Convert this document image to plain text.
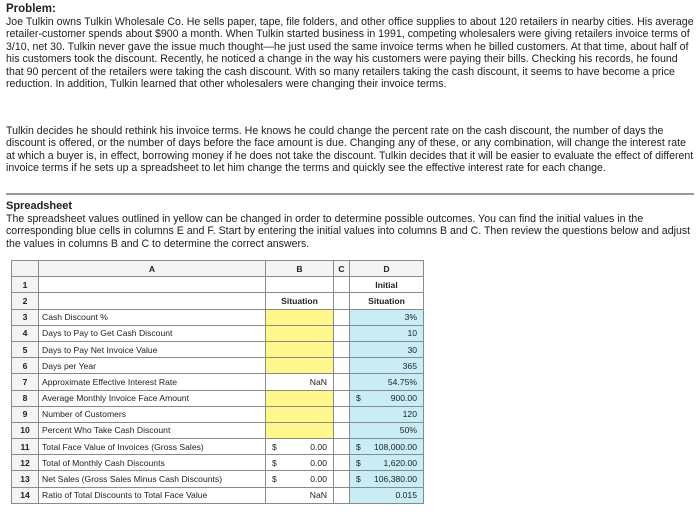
Problem:
Joe Tulkin owns Tulkin Wholesale Co. He sells paper, tape, file folders, and other office supplies to about 120 retailers in nearby cities. His average retailer-customer spends about $900 a month. When Tulkin started business in 1991, competing wholesalers were giving retailers invoice terms of 3/10, net 30. Tulkin never gave the issue much thought—he just used the same invoice terms when he billed customers. At that time, about half of his customers took the discount. Recently, he noticed a change in the way his customers were paying their bills. Checking his records, he found that 90 percent of the retailers were taking the cash discount. With so many retailers taking the cash discount, it seems to have become a price reduction. In addition, Tulkin learned that other wholesalers were changing their invoice terms.
Tulkin decides he should rethink his invoice terms. He knows he could change the percent rate on the cash discount, the number of days the discount is offered, or the number of days before the face amount is due. Changing any of these, or any combination, will change the interest rate at which a buyer is, in effect, borrowing money if he does not take the discount. Tulkin decides that it will be easier to evaluate the effect of different invoice terms if he sets up a spreadsheet to let him change the terms and quickly see the effective interest rate for each change.
Spreadsheet
The spreadsheet values outlined in yellow can be changed in order to determine possible outcomes. You can find the initial values in the corresponding blue cells in columns E and F. Start by entering the initial values into columns B and C. Then review the questions below and adjust the values in columns B and C to determine the correct answers.
	A	B	C	D
1				Initial
2		Situation		Situation
3	Cash Discount %			3%

4	Days to Pay to Get Cash Discount			10

5	Days to Pay Net Invoice Value			30

6	Days per Year			365

7	Approximate Effective Interest Rate	NaN		54.75%

8	Average Monthly Invoice Face Amount			$ 900.00

9	Number of Customers			120

10	Percent Who Take Cash Discount			50%

11	Total Face Value of Invoices (Gross Sales)	$ 0.00		$ 108,000.00

12	Total of Monthly Cash Discounts	$ 0.00		$ 1,620.00

13	Net Sales (Gross Sales Minus Cash Discounts)	$ 0.00		$ 106,380.00

14	Ratio of Total Discounts to Total Face Value	NaN		0.015
